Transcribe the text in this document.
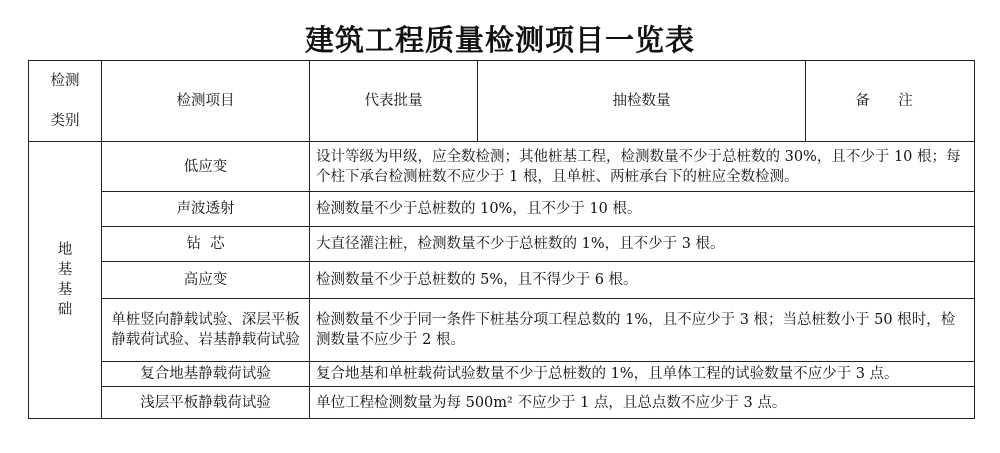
建筑工程质量检测项目一览表
检测
类别	检测项目	代表批量	抽检数量	备 注

地
基
基
础	低应变	设计等级为甲级，应全数检测；其他桩基工程，检测数量不少于总桩数的 30%，且不少于 10 根；每个柱下承台检测桩数不应少于 1 根，且单桩、两桩承台下的桩应全数检测。		
	声波透射	检测数量不少于总桩数的 10%，且不少于 10 根。		
	钻  芯	大直径灌注桩，检测数量不少于总桩数的 1%，且不少于 3 根。		
	高应变	检测数量不少于总桩数的 5%，且不得少于 6 根。		
	单桩竖向静载试验、深层平板静载荷试验、岩基静载荷试验	检测数量不少于同一条件下桩基分项工程总数的 1%，且不应少于 3 根；当总桩数小于 50 根时，检测数量不应少于 2 根。		
	复合地基静载荷试验	复合地基和单桩载荷试验数量不少于总桩数的 1%，且单体工程的试验数量不应少于 3 点。		
	浅层平板静载荷试验	单位工程检测数量为每 500m² 不应少于 1 点，且总点数不应少于 3 点。		
